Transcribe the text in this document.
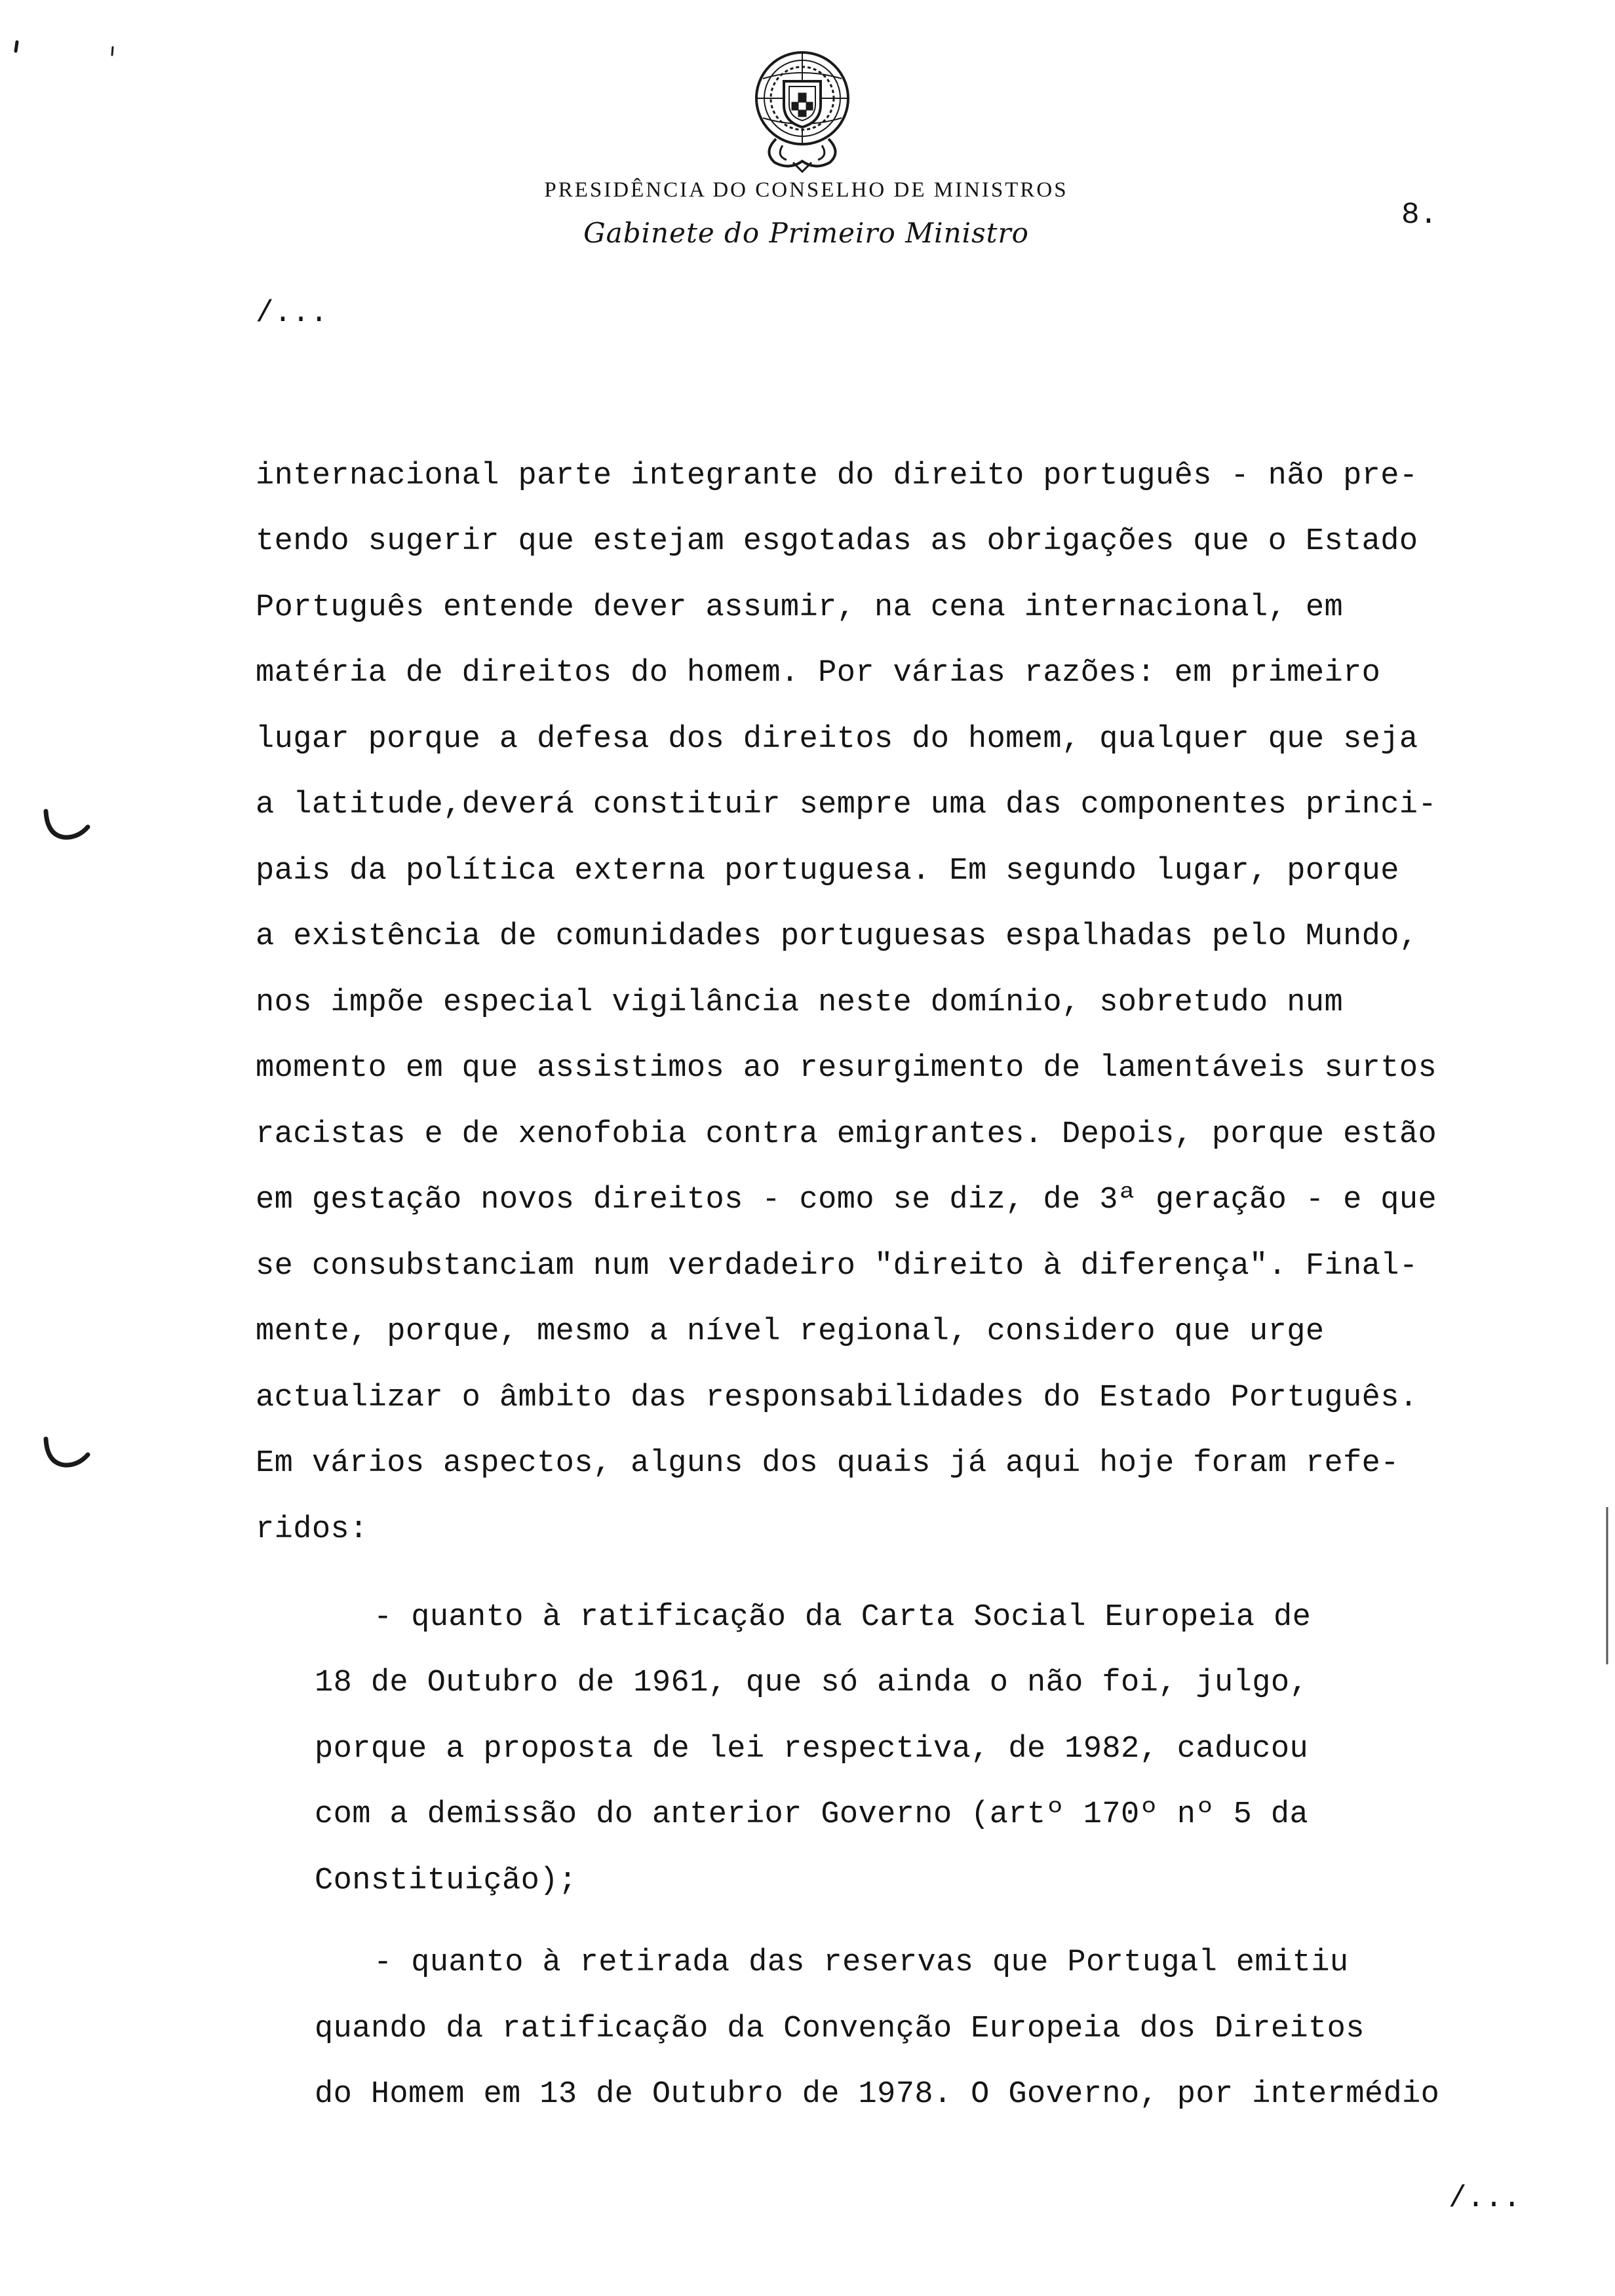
PRESIDÊNCIA DO CONSELHO DE MINISTROS
Gabinete do Primeiro Ministro
8.
/...
internacional parte integrante do direito português - não pre-
tendo sugerir que estejam esgotadas as obrigações que o Estado
Português entende dever assumir, na cena internacional, em
matéria de direitos do homem. Por várias razões: em primeiro
lugar porque a defesa dos direitos do homem, qualquer que seja
a latitude,deverá constituir sempre uma das componentes princi-
pais da política externa portuguesa. Em segundo lugar, porque
a existência de comunidades portuguesas espalhadas pelo Mundo,
nos impõe especial vigilância neste domínio, sobretudo num
momento em que assistimos ao resurgimento de lamentáveis surtos
racistas e de xenofobia contra emigrantes. Depois, porque estão
em gestação novos direitos - como se diz, de 3ª geração - e que
se consubstanciam num verdadeiro "direito à diferença". Final-
mente, porque, mesmo a nível regional, considero que urge
actualizar o âmbito das responsabilidades do Estado Português.
Em vários aspectos, alguns dos quais já aqui hoje foram refe-
ridos:
- quanto à ratificação da Carta Social Europeia de
18 de Outubro de 1961, que só ainda o não foi, julgo,
porque a proposta de lei respectiva, de 1982, caducou
com a demissão do anterior Governo (artº 170º nº 5 da
Constituição);
- quanto à retirada das reservas que Portugal emitiu
quando da ratificação da Convenção Europeia dos Direitos
do Homem em 13 de Outubro de 1978. O Governo, por intermédio
/...
